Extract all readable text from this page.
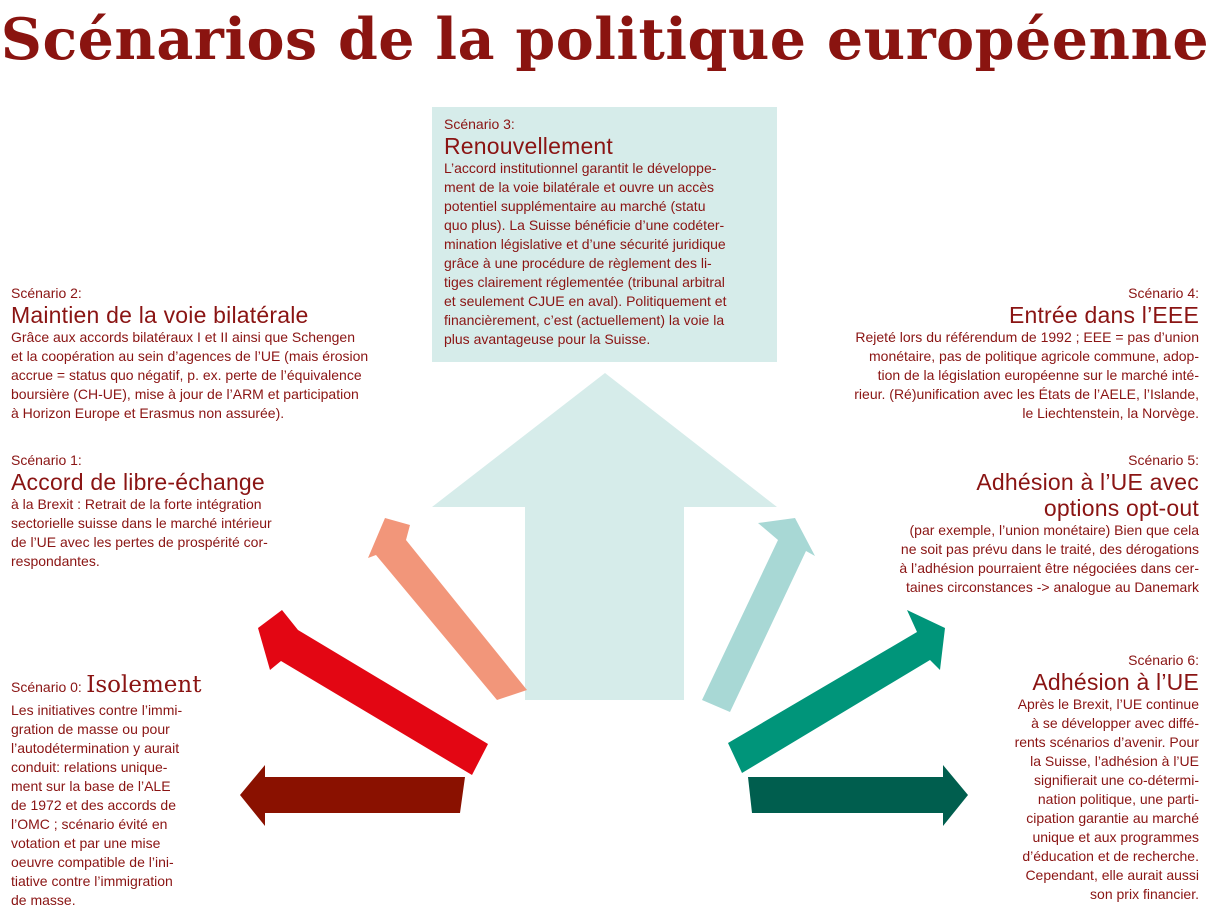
Scénarios de la politique européenne
Scénario 3:
Renouvellement
L’accord institutionnel garantit le développe-
ment de la voie bilatérale et ouvre un accès
potentiel supplémentaire au marché (statu
quo plus). La Suisse bénéficie d’une codéter-
mination législative et d’une sécurité juridique
grâce à une procédure de règlement des li-
tiges clairement réglementée (tribunal arbitral
et seulement CJUE en aval). Politiquement et
financièrement, c’est (actuellement) la voie la
plus avantageuse pour la Suisse.
Scénario 2:
Maintien de la voie bilatérale
Grâce aux accords bilatéraux I et II ainsi que Schengen
et la coopération au sein d’agences de l’UE (mais érosion
accrue = status quo négatif, p. ex. perte de l’équivalence
boursière (CH-UE), mise à jour de l’ARM et participation
à Horizon Europe et Erasmus non assurée).
Scénario 1:
Accord de libre-échange
à la Brexit : Retrait de la forte intégration
sectorielle suisse dans le marché intérieur
de l’UE avec les pertes de prospérité cor-
respondantes.
Scénario 0: Isolement
Les initiatives contre l’immi-
gration de masse ou pour
l’autodétermination y aurait
conduit: relations unique-
ment sur la base de l’ALE
de 1972 et des accords de
l’OMC ; scénario évité en
votation et par une mise
oeuvre compatible de l’ini-
tiative contre l’immigration
de masse.
Scénario 4:
Entrée dans l’EEE
Rejeté lors du référendum de 1992 ; EEE = pas d’union
monétaire, pas de politique agricole commune, adop-
tion de la législation européenne sur le marché inté-
rieur. (Ré)unification avec les États de l’AELE, l’Islande,
le Liechtenstein, la Norvège.
Scénario 5:
Adhésion à l’UE avec
options opt-out
(par exemple, l’union monétaire) Bien que cela
ne soit pas prévu dans le traité, des dérogations
à l’adhésion pourraient être négociées dans cer-
taines circonstances -> analogue au Danemark
Scénario 6:
Adhésion à l’UE
Après le Brexit, l’UE continue
à se développer avec diffé-
rents scénarios d’avenir. Pour
la Suisse, l’adhésion à l’UE
signifierait une co-détermi-
nation politique, une parti-
cipation garantie au marché
unique et aux programmes
d’éducation et de recherche.
Cependant, elle aurait aussi
son prix financier.
